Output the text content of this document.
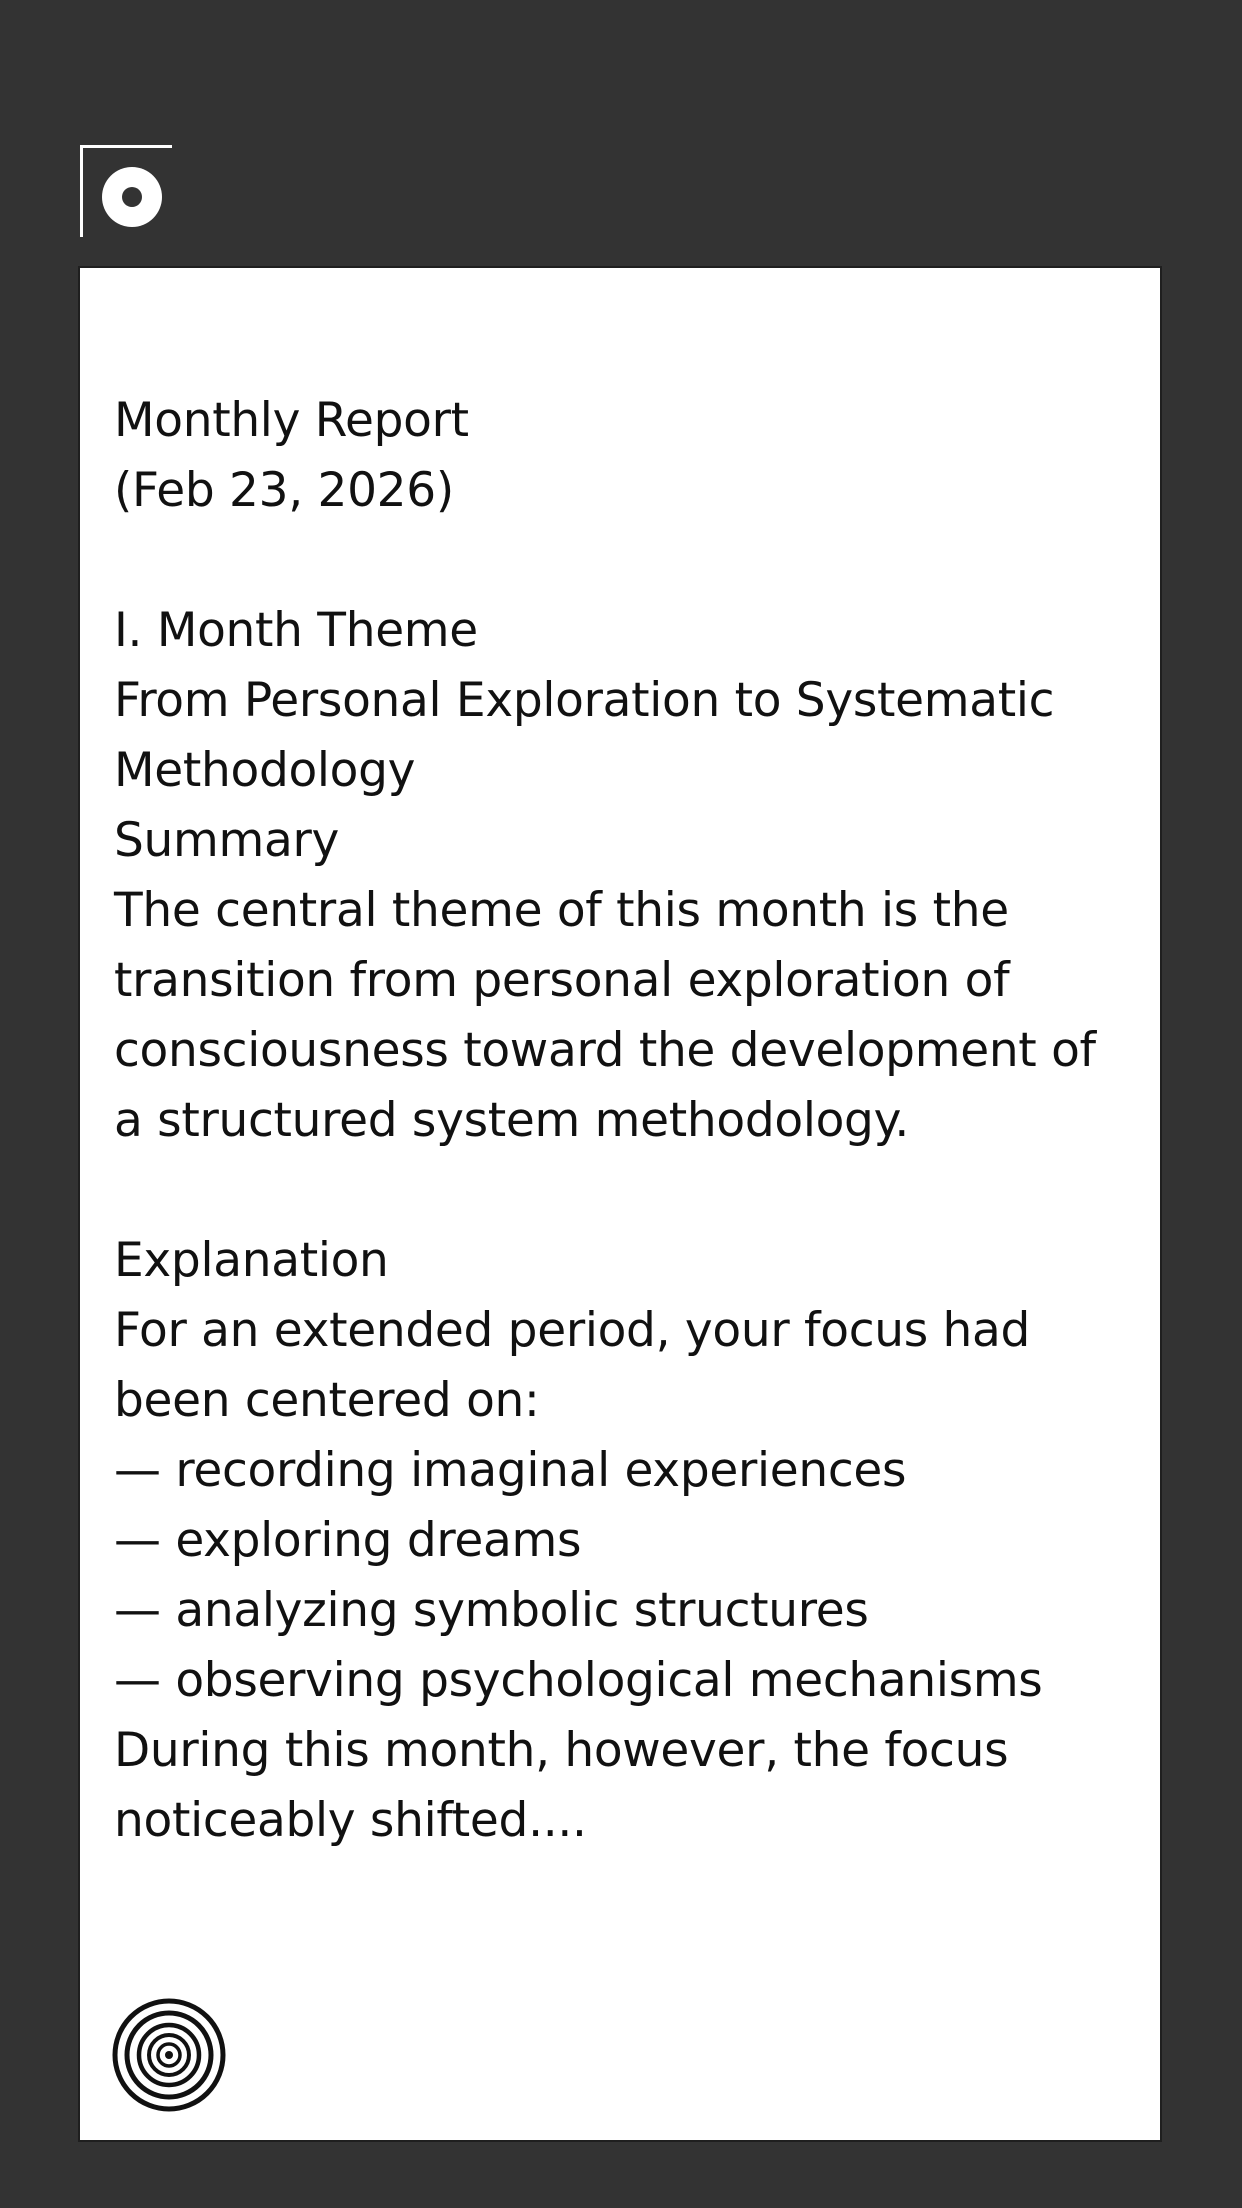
Monthly Report
(Feb 23, 2026)
I. Month Theme
From Personal Exploration to Systematic
Methodology
Summary
The central theme of this month is the
transition from personal exploration of
consciousness toward the development of
a structured system methodology.
Explanation
For an extended period, your focus had
been centered on:
— recording imaginal experiences
— exploring dreams
— analyzing symbolic structures
— observing psychological mechanisms
During this month, however, the focus
noticeably shifted....
